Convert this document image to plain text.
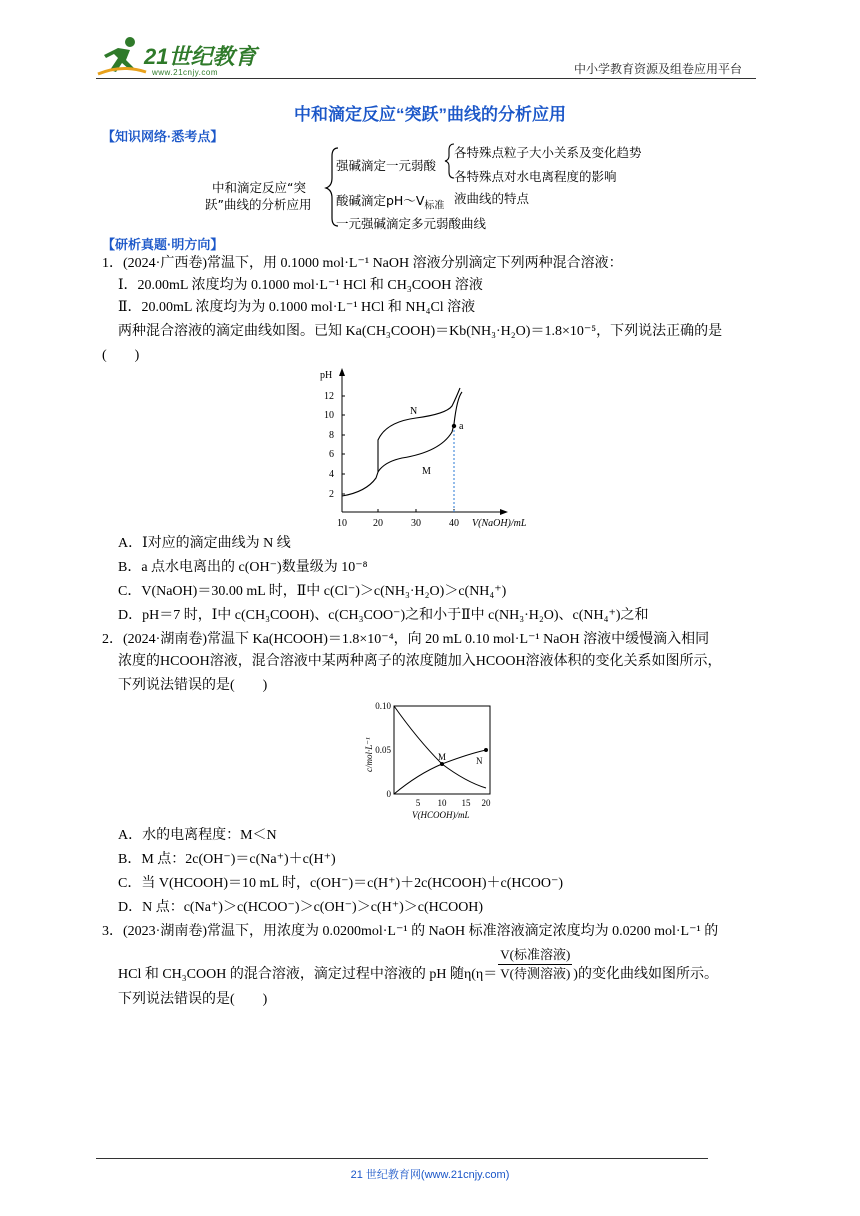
21世纪教育
www.21cnjy.com	中小学教育资源及组卷应用平台
中和滴定反应“突跃”曲线的分析应用
【知识网络·悉考点】
中和滴定反应“突
跃”曲线的分析应用
强碱滴定一元弱酸
各特殊点粒子大小关系及变化趋势
各特殊点对水电离程度的影响
酸碱滴定$pH\sim V_{标准}$ 液曲线的特点
一元强碱滴定多元弱酸曲线
【研析真题·明方向】
1．(2024·广西卷)常温下，用 0.1000 mol·L⁻¹ NaOH 溶液分别滴定下列两种混合溶液：
Ⅰ．20.00mL 浓度均为 0.1000 mol·L⁻¹ HCl 和 CH₃COOH 溶液
Ⅱ．20.00mL 浓度均为为 0.1000 mol·L⁻¹ HCl 和 NH₄Cl 溶液
两种混合溶液的滴定曲线如图。已知 Ka(CH₃COOH)＝Kb(NH₃·H₂O)＝1.8×10⁻⁵，下列说法正确的是
(　　)
pH
2
4
6
8
10
12
10	20	30	40 V(NaOH)/mL
a
N
M
A．Ⅰ对应的滴定曲线为 N 线
B．a 点水电离出的 c(OH⁻)数量级为 10⁻⁸
C．V(NaOH)＝30.00 mL 时，Ⅱ中 c(Cl⁻)＞c(NH₃·H₂O)＞c(NH₄⁺)
D．pH＝7 时，Ⅰ中 c(CH₃COOH)、c(CH₃COO⁻)之和小于Ⅱ中 c(NH₃·H₂O)、c(NH₄⁺)之和
2．(2024·湖南卷)常温下 Ka(HCOOH)＝1.8×10⁻⁴，向 20 mL 0.10 mol·L⁻¹ NaOH 溶液中缓慢滴入相同
浓度的HCOOH溶液，混合溶液中某两种离子的浓度随加入HCOOH溶液体积的变化关系如图所示，
下列说法错误的是(　　)
c/mol·L⁻¹
0
0.05
0.10
5 10 15 20
V(HCOOH)/mL
M	N
A．水的电离程度：M＜N
B．M 点：2c(OH⁻)＝c(Na⁺)＋c(H⁺)
C．当 V(HCOOH)＝10 mL 时，c(OH⁻)＝c(H⁺)＋2c(HCOOH)＋c(HCOO⁻)
D．N 点：c(Na⁺)＞c(HCOO⁻)＞c(OH⁻)＞c(H⁺)＞c(HCOOH)
3．(2023·湖南卷)常温下，用浓度为 0.0200mol·L⁻¹ 的 NaOH 标准溶液滴定浓度均为 0.0200 mol·L⁻¹ 的
HCl 和 CH₃COOH 的混合溶液，滴定过程中溶液的 pH 随η(η＝
V(标准溶液)
V(待测溶液) )的变化曲线如图所示。
下列说法错误的是(　　)
21 世纪教育网(www.21cnjy.com)
